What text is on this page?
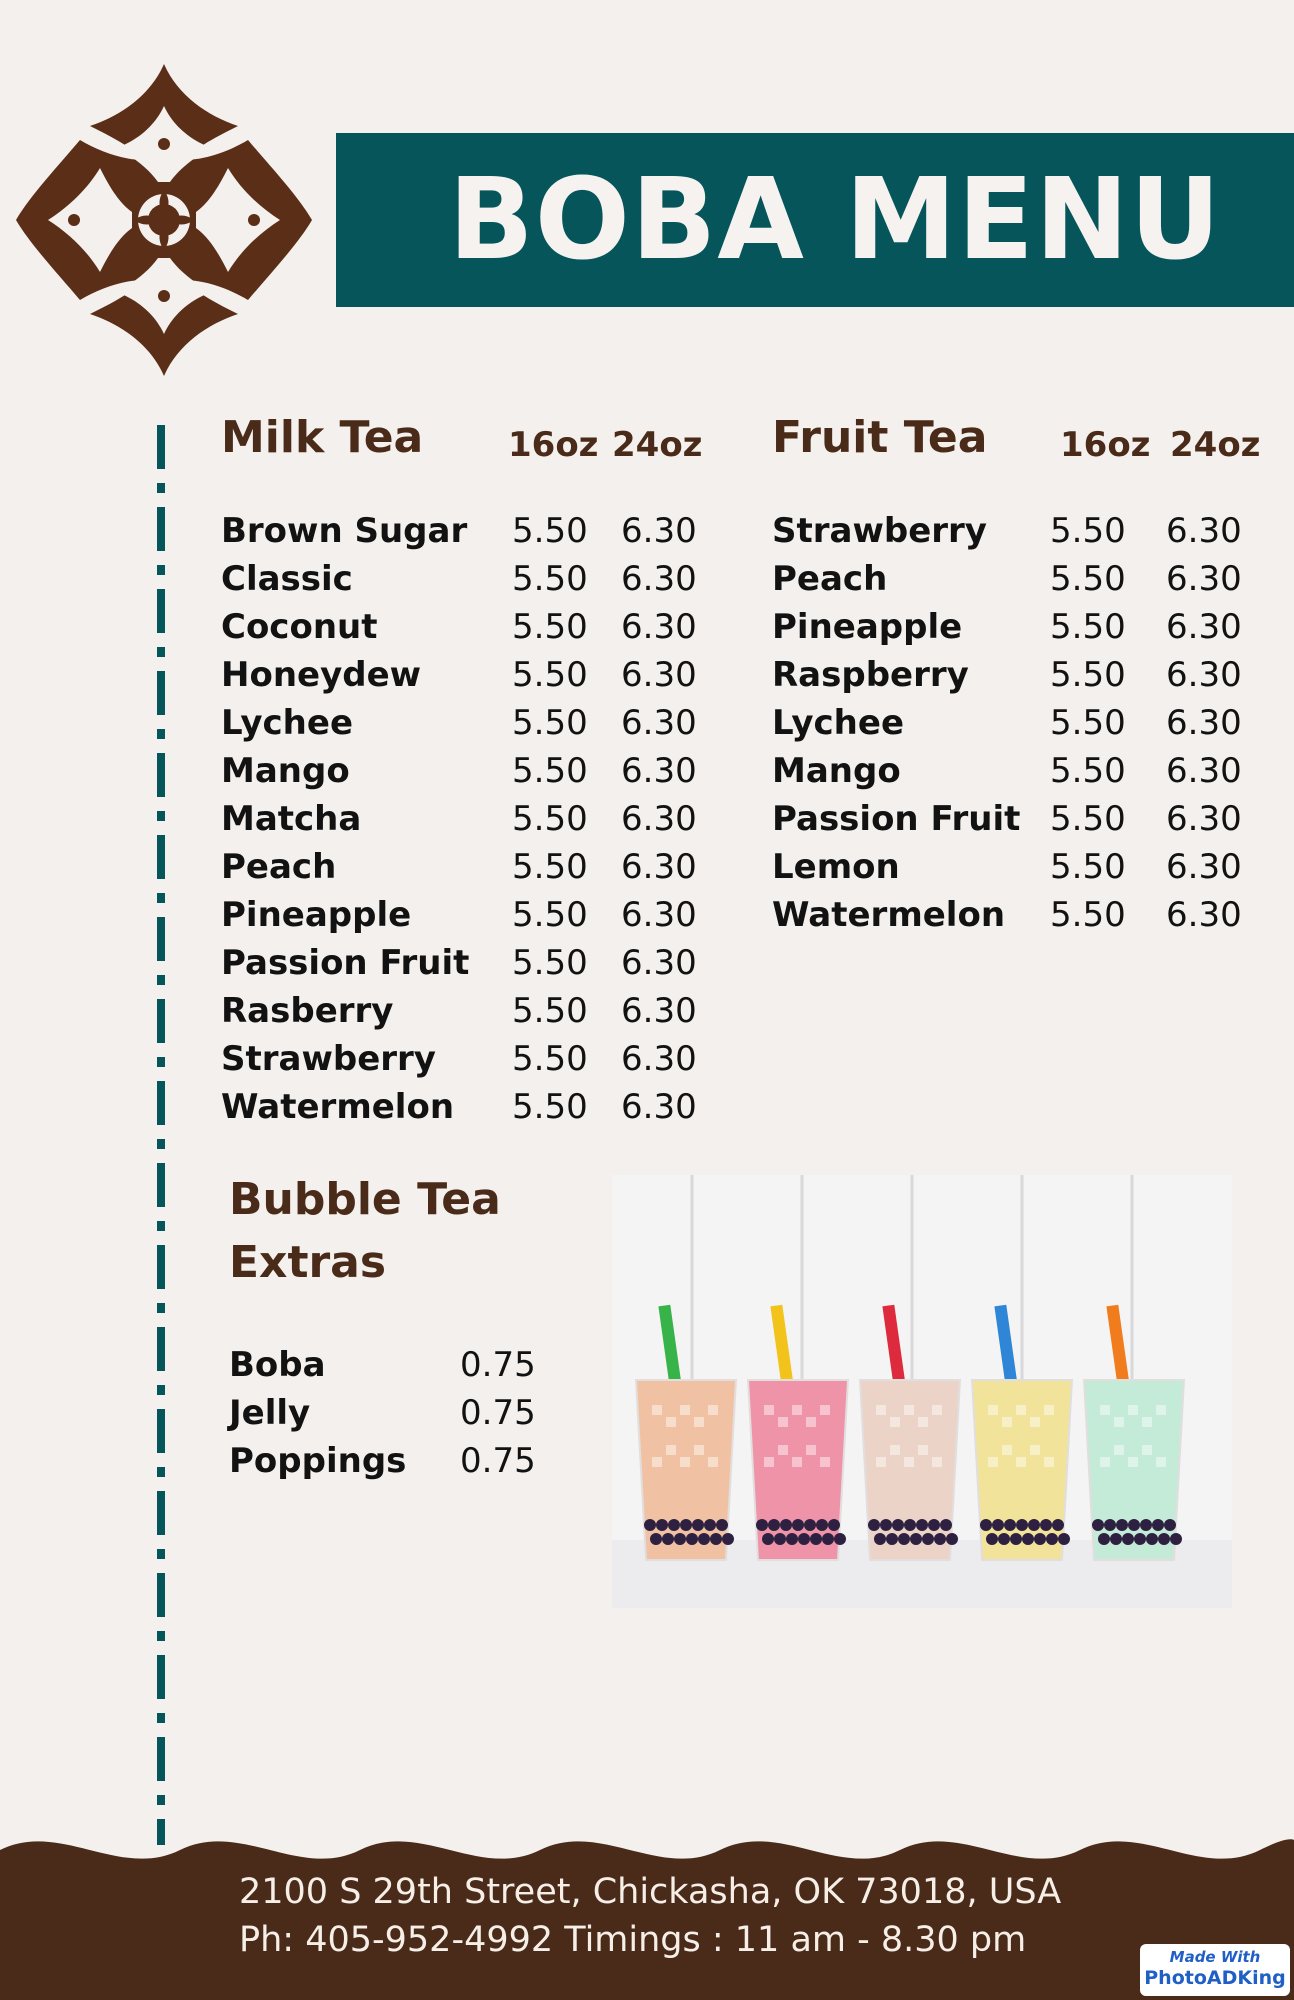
BOBA MENU
Milk Tea 16oz 24oz
Brown Sugar 5.50 6.30
Classic	5.50 6.30
Coconut	5.50 6.30
Honeydew	5.50 6.30
Lychee	5.50 6.30
Mango	5.50 6.30
Matcha	5.50 6.30
Peach	5.50 6.30
Pineapple	5.50 6.30
Passion Fruit 5.50 6.30
Rasberry	5.50 6.30
Strawberry 5.50 6.30
Watermelon 5.50 6.30
Fruit Tea 16oz 24oz
Strawberry 5.50 6.30
Peach	5.50 6.30
Pineapple	5.50 6.30
Raspberry 5.50 6.30
Lychee	5.50 6.30
Mango	5.50 6.30
Passion Fruit 5.50 6.30
Lemon	5.50 6.30
Watermelon 5.50 6.30
Bubble Tea
Extras
Boba	0.75
Jelly	0.75
Poppings 0.75
2100 S 29th Street, Chickasha, OK 73018, USA
Ph: 405-952-4992 Timings : 11 am - 8.30 pm	Made With
PhotoADKing
